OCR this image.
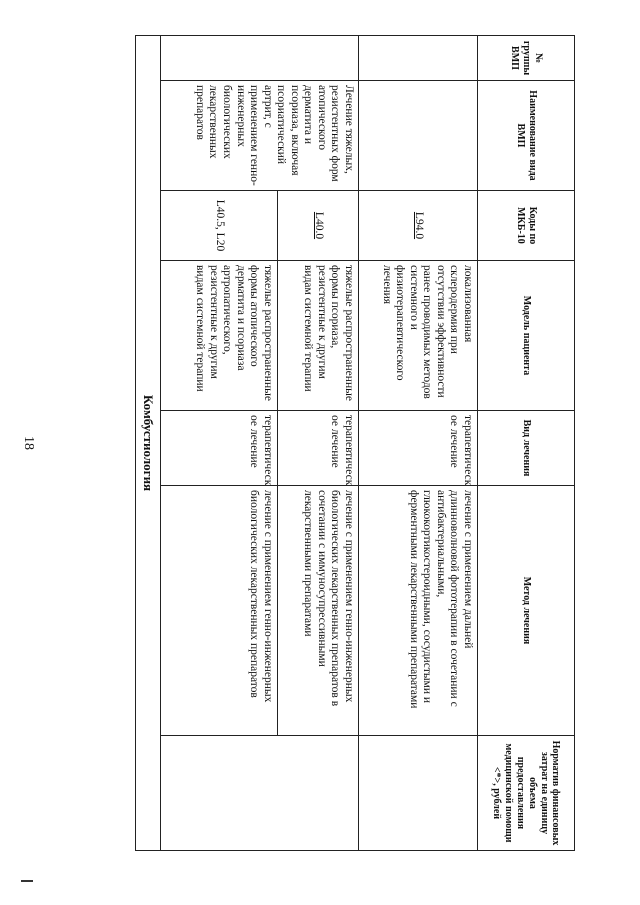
18
№ группы ВМП	Наименование вида ВМП	Коды по МКБ-10	Модель пациента	Вид лечения	Метод лечения	Норматив финансовых затрат на единицу объема предоставления медицинской помощи <*>, рублей
		L94.0	локализованная склеродермия при отсутствии эффективности ранее проводимых методов системного и физиотерапевтического лечения	терапевтическ ое лечение	лечение с применением дальней длинноволновой фототерапии в сочетании с антибактериальными, глюкокортикостероидными, сосудистыми и ферментными лекарственными препаратами	
	Лечение тяжелых, резистентных форм атопического дерматита и псориаза, включая псориатический артрит, с применением генно-инженерных биологических лекарственных препаратов	L40.0	тяжелые распространенные формы псориаза, резистентные к другим видам системной терапии	терапевтическ ое лечение	лечение с применением генно-инженерных биологических лекарственных препаратов в сочетании с иммуносупрессивными лекарственными препаратами	
		L40.5, L20	тяжелые распространенные формы атопического дерматита и псориаза артропатического, резистентные к другим видам системной терапии	терапевтическ ое лечение	лечение с применением генно-инженерных биологических лекарственных препаратов	
Комбустиология						
